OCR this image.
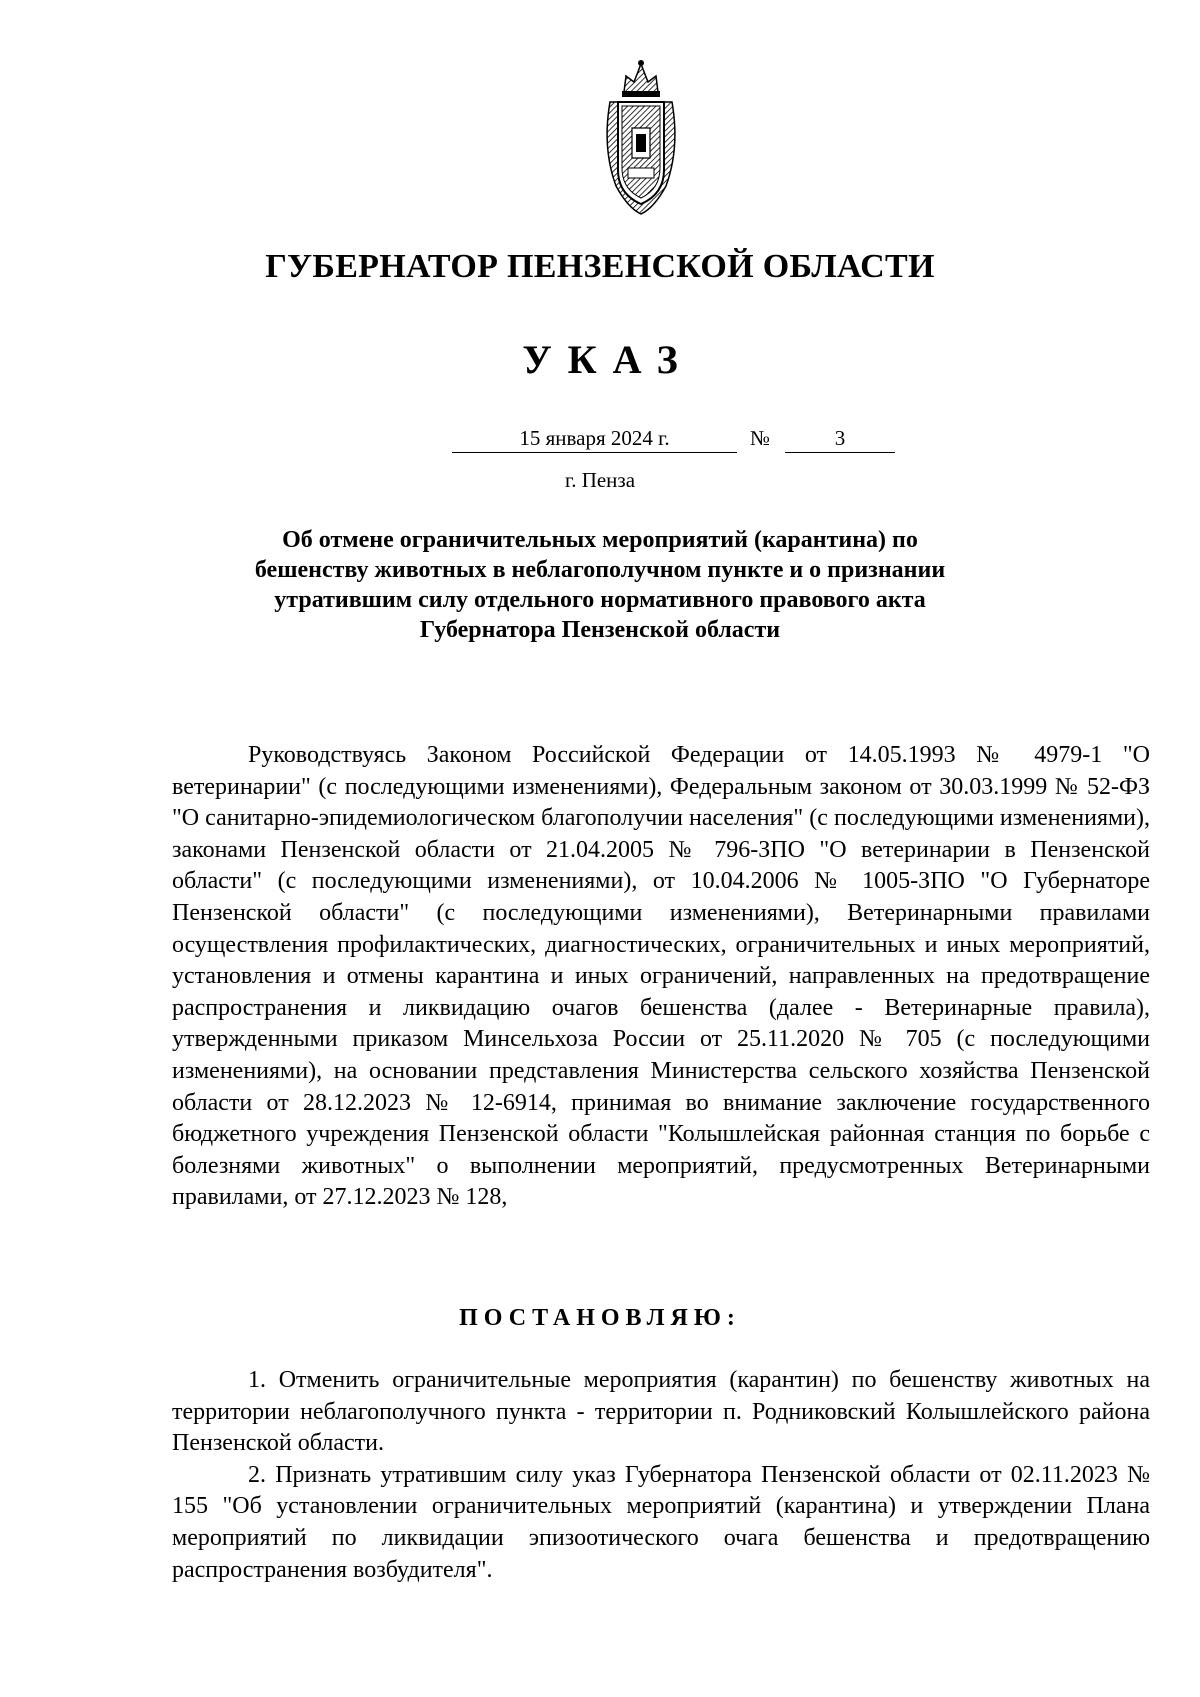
ГУБЕРНАТОР ПЕНЗЕНСКОЙ ОБЛАСТИ
УКАЗ
15 января 2024 г.	№	3
г. Пенза
Об отмене ограничительных мероприятий (карантина) по бешенству животных в неблагополучном пункте и о признании утратившим силу отдельного нормативного правового акта Губернатора Пензенской области
Руководствуясь Законом Российской Федерации от 14.05.1993 № 4979-1 "О ветеринарии" (с последующими изменениями), Федеральным законом от 30.03.1999 № 52-ФЗ "О санитарно-эпидемиологическом благополучии населения" (с последующими изменениями), законами Пензенской области от 21.04.2005 № 796-ЗПО "О ветеринарии в Пензенской области" (с последующими изменениями), от 10.04.2006 № 1005-ЗПО "О Губернаторе Пензенской области" (с последующими изменениями), Ветеринарными правилами осуществления профилактических, диагностических, ограничительных и иных мероприятий, установления и отмены карантина и иных ограничений, направленных на предотвращение распространения и ликвидацию очагов бешенства (далее - Ветеринарные правила), утвержденными приказом Минсельхоза России от 25.11.2020 № 705 (с последующими изменениями), на основании представления Министерства сельского хозяйства Пензенской области от 28.12.2023 № 12-6914, принимая во внимание заключение государственного бюджетного учреждения Пензенской области "Колышлейская районная станция по борьбе с болезнями животных" о выполнении мероприятий, предусмотренных Ветеринарными правилами, от 27.12.2023 № 128,
ПОСТАНОВЛЯЮ:

1. Отменить ограничительные мероприятия (карантин) по бешенству животных на территории неблагополучного пункта - территории п. Родниковский Колышлейского района Пензенской области.

2. Признать утратившим силу указ Губернатора Пензенской области от 02.11.2023 № 155 "Об установлении ограничительных мероприятий (карантина) и утверждении Плана мероприятий по ликвидации эпизоотического очага бешенства и предотвращению распространения возбудителя".
